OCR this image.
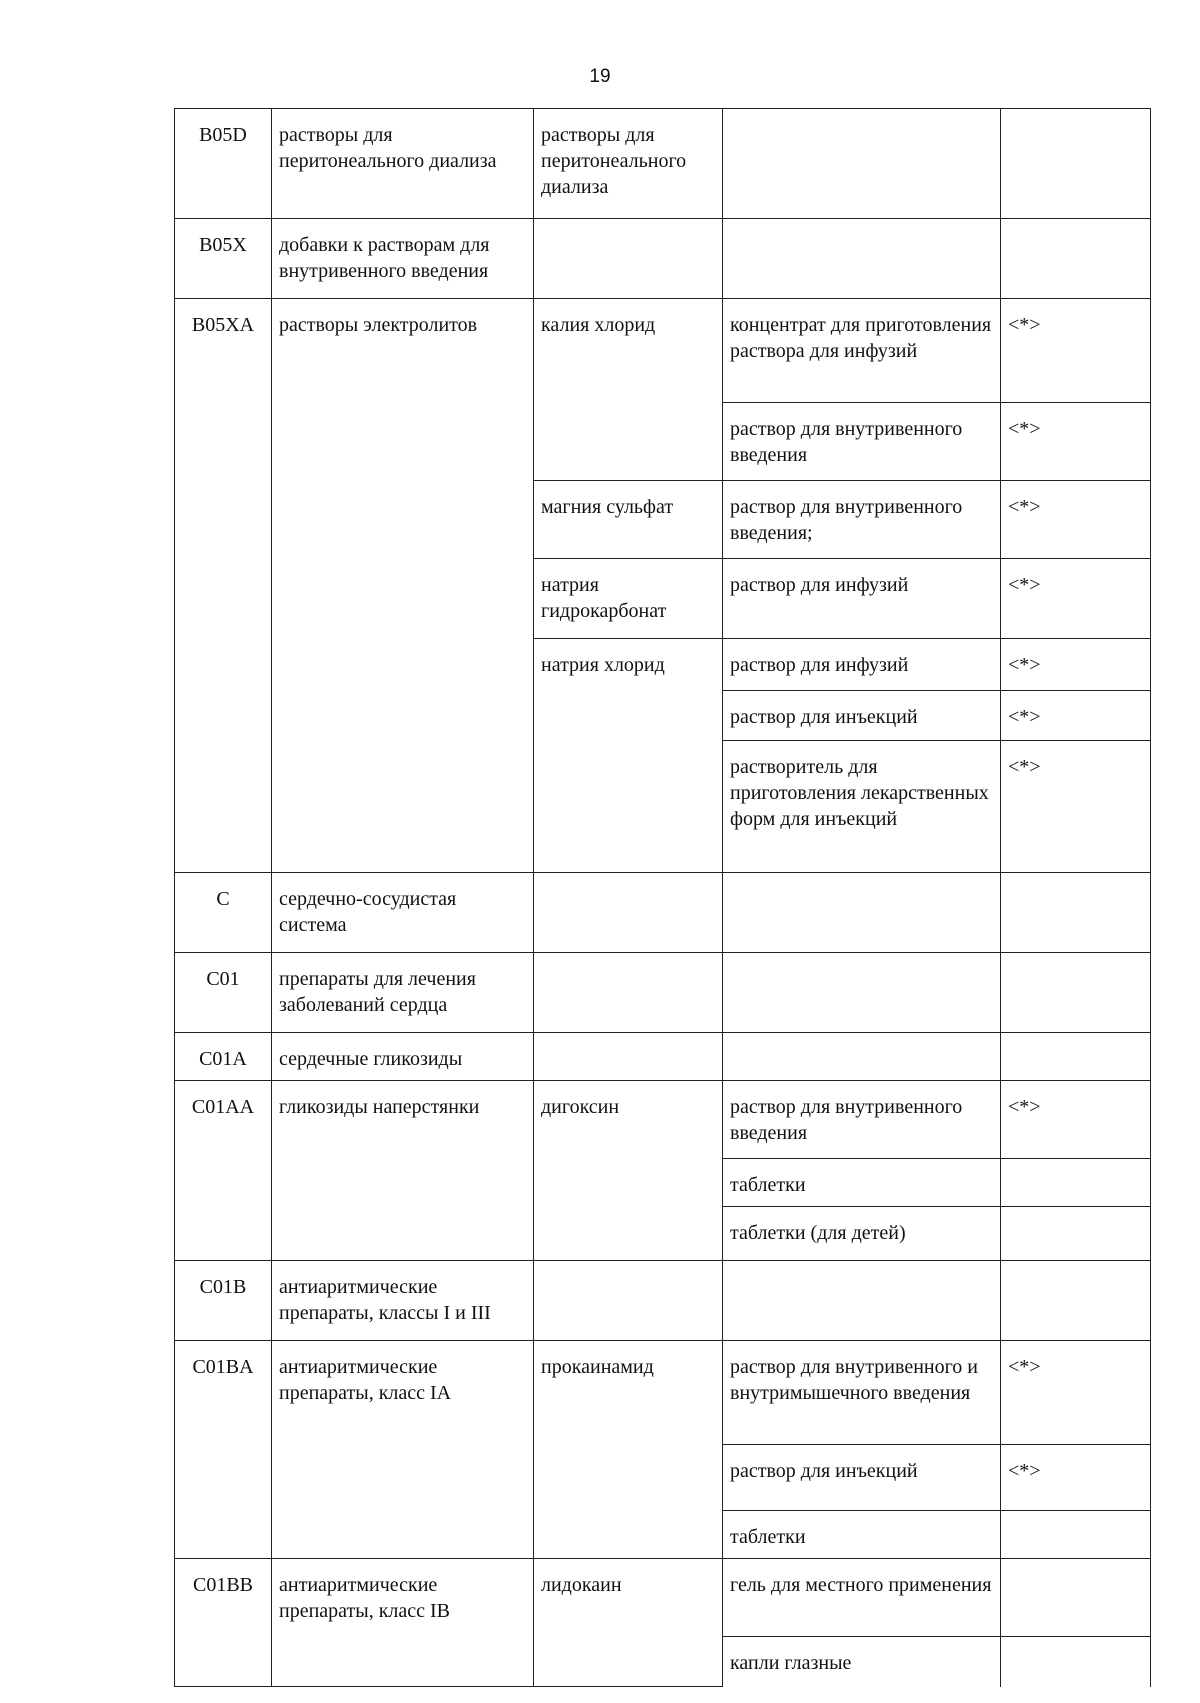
19
B05D	растворы для перитонеального диализа	растворы для перитонеального диализа		
B05X	добавки к растворам для внутривенного введения			
B05XA	растворы электролитов	калия хлорид	концентрат для приготовления раствора для инфузий	<*>
			раствор для внутривенного введения	<*>
		магния сульфат	раствор для внутривенного введения;	<*>
		натрия гидрокарбонат	раствор для инфузий	<*>
		натрия хлорид	раствор для инфузий	<*>
			раствор для инъекций	<*>
			растворитель для приготовления лекарственных форм для инъекций	<*>
C	сердечно-сосудистая система			
C01	препараты для лечения заболеваний сердца			
C01A	сердечные гликозиды			
C01AA	гликозиды наперстянки	дигоксин	раствор для внутривенного введения	<*>
			таблетки	
			таблетки (для детей)	
C01B	антиаритмические препараты, классы I и III			
C01BA	антиаритмические препараты, класс IA	прокаинамид	раствор для внутривенного и внутримышечного введения	<*>
			раствор для инъекций	<*>
			таблетки	
C01BB	антиаритмические препараты, класс IB	лидокаин	гель для местного применения	
			капли глазные	
